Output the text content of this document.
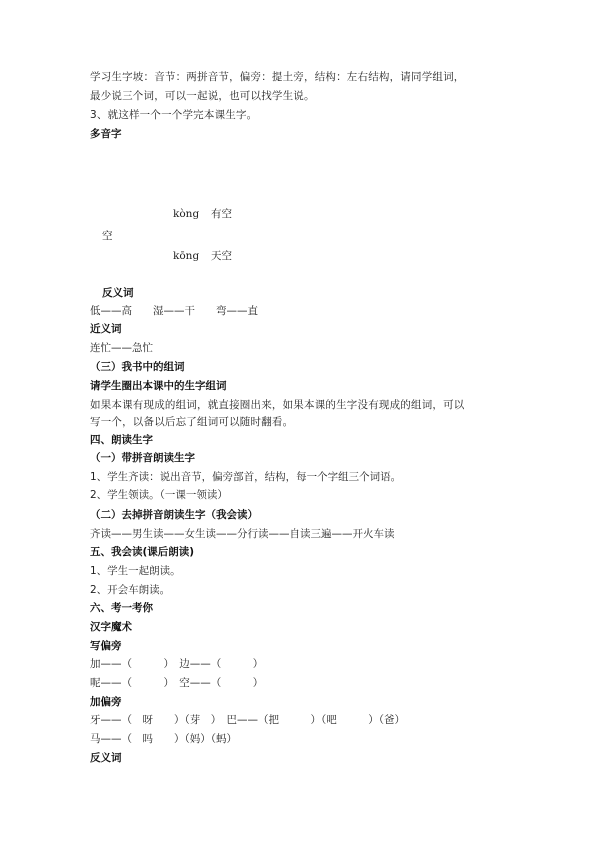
学习生字坡：音节：两拼音节，偏旁：提土旁，结构：左右结构，请同学组词，
最少说三个词，可以一起说，也可以找学生说。
3、就这样一个一个学完本课生字。
多音字
kòng 有空
空
kōng 天空
反义词
低——高　　湿——干　　弯——直
近义词
连忙——急忙
（三）我书中的组词
请学生圈出本课中的生字组词
如果本课有现成的组词，就直接圈出来，如果本课的生字没有现成的组词，可以
写一个，以备以后忘了组词可以随时翻看。
四、朗读生字
（一）带拼音朗读生字
1、学生齐读：说出音节，偏旁部首，结构，每一个字组三个词语。
2、学生领读。（一课一领读）
（二）去掉拼音朗读生字（我会读）
齐读——男生读——女生读——分行读——自读三遍——开火车读
五、我会读(课后朗读)
1、学生一起朗读。
2、开会车朗读。
六、考一考你
汉字魔术
写偏旁
加——（　　　）　边——（　　　）
呢——（　　　）　空——（　　　）
加偏旁
牙——（　呀　　）（芽　）　巴——（把　　　）（吧　　　）（爸）
马——（　吗　　）（妈）（蚂）
反义词
